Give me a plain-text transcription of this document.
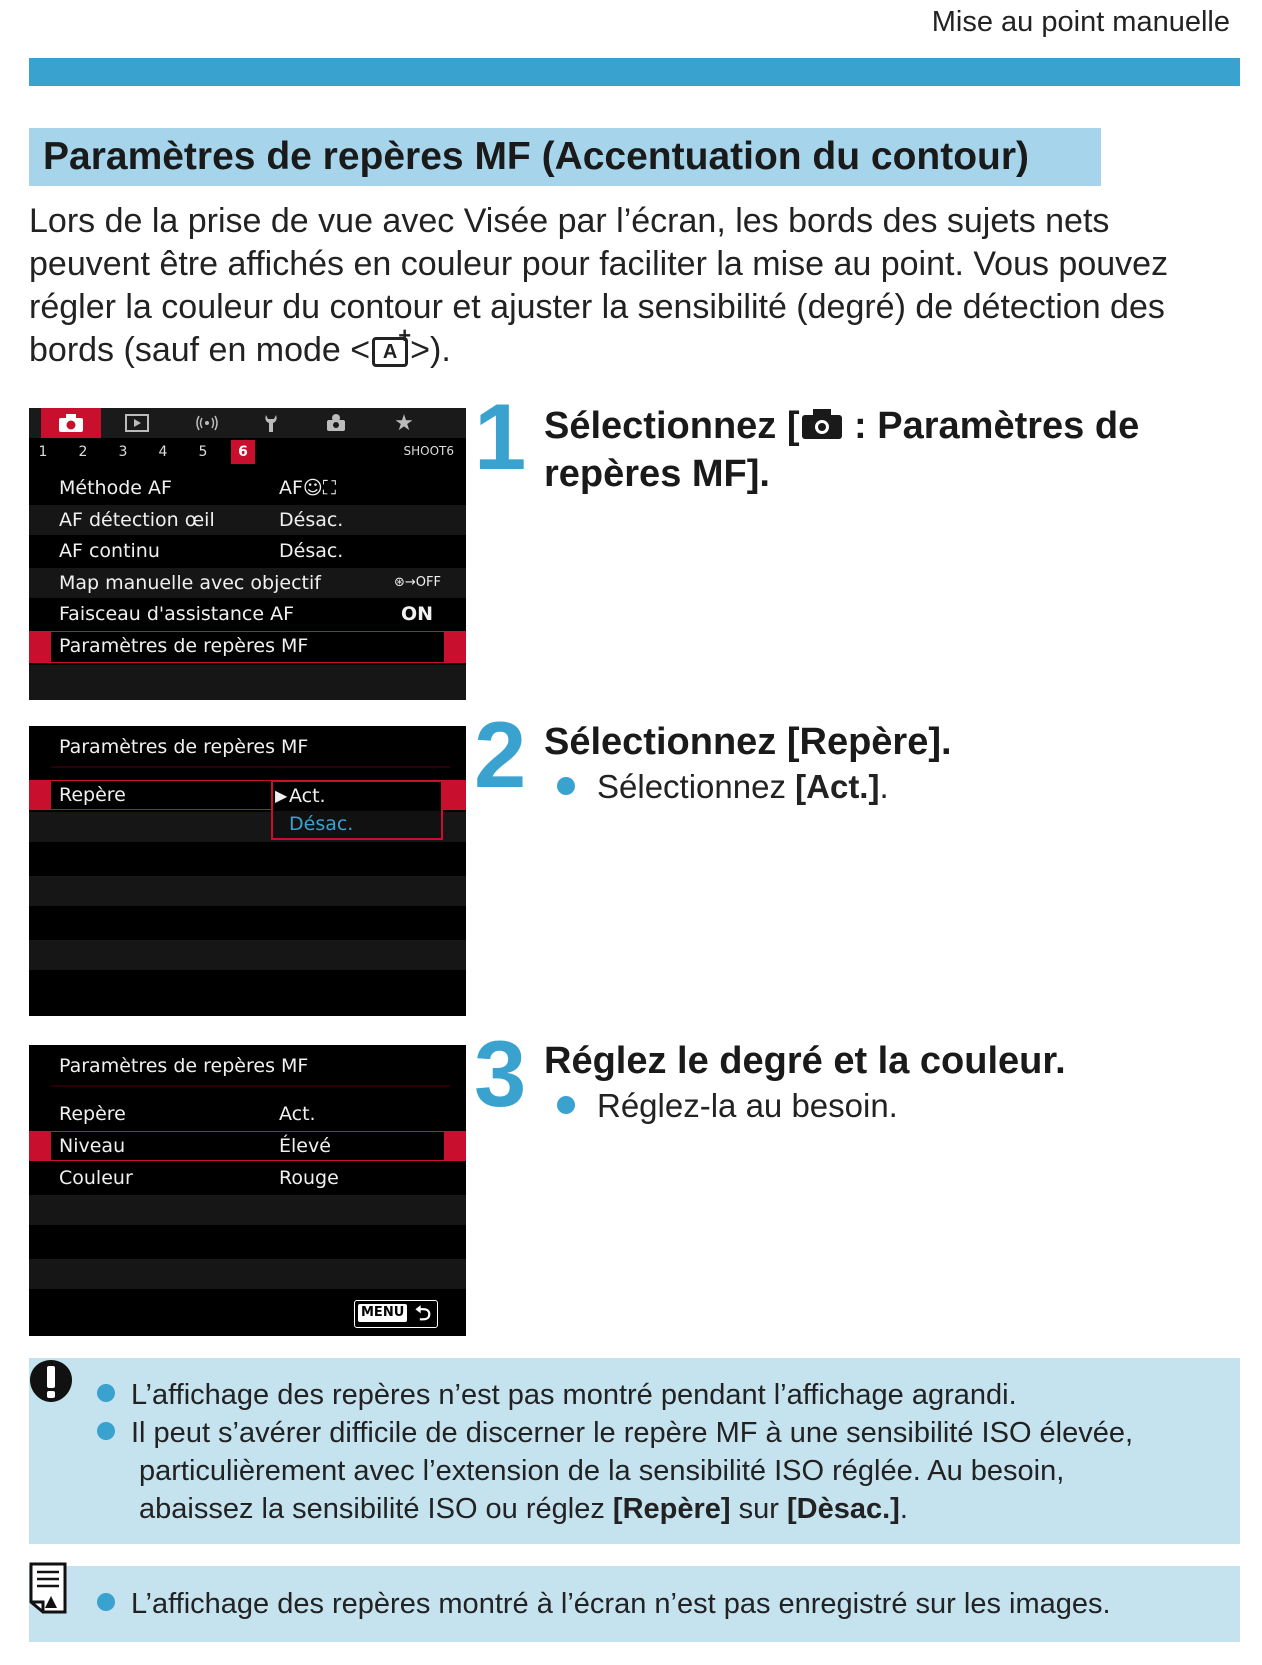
Mise au point manuelle
Paramètres de repères MF (Accentuation du contour)
Lors de la prise de vue avec Visée par l’écran, les bords des sujets nets
peuvent être affichés en couleur pour faciliter la mise au point. Vous pouvez
régler la couleur du contour et ajuster la sensibilité (degré) de détection des
bords (sauf en mode < A
+ >).
★
1	2	3	4	5	6	SHOOT6
Méthode AF	AF☺⛶
AF détection œil	Désac.
AF continu	Désac.
Map manuelle avec objectif	⊛→OFF
Faisceau d'assistance AF	ON
Paramètres de repères MF
1 Sélectionnez [ : Paramètres de
repères MF].
Paramètres de repères MF
Repère	▶ Act.
Désac.
2 Sélectionnez [Repère].
Sélectionnez [Act.].
Paramètres de repères MF
Repère	Act.
Niveau	Élevé
Couleur	Rouge
MENU ⮌
3 Réglez le degré et la couleur.
Réglez-la au besoin.
L’affichage des repères n’est pas montré pendant l’affichage agrandi.
Il peut s’avérer difficile de discerner le repère MF à une sensibilité ISO élevée,
particulièrement avec l’extension de la sensibilité ISO réglée. Au besoin,
abaissez la sensibilité ISO ou réglez [Repère] sur [Dèsac.].
L’affichage des repères montré à l’écran n’est pas enregistré sur les images.
